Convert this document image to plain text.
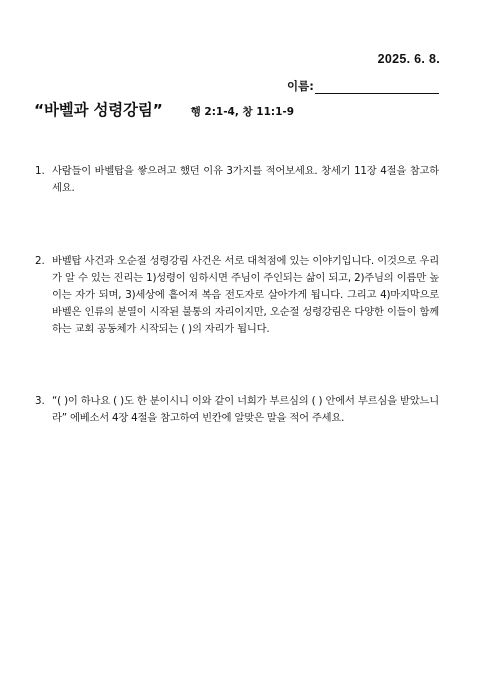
2025. 6. 8.
이름:
“바벨과 성령강림”	행 2:1-4, 창 11:1-9
1. 사람들이 바벨탑을 쌓으려고 했던 이유 3가지를 적어보세요. 창세기 11장 4절을 참고하세요.
2. 바벨탑 사건과 오순절 성령강림 사건은 서로 대척점에 있는 이야기입니다. 이것으로 우리가 알 수 있는 진리는 1)성령이 임하시면 주님이 주인되는 삶이 되고, 2)주님의 이름만 높이는 자가 되며, 3)세상에 흩어져 복음 전도자로 살아가게 됩니다. 그리고 4)마지막으로 바벨은 인류의 분열이 시작된 불통의 자리이지만, 오순절 성령강림은 다양한 이들이 함께하는 교회 공동체가 시작되는 ( )의 자리가 됩니다.
3. “( )이 하나요 ( )도 한 분이시니 이와 같이 너희가 부르심의 ( ) 안에서 부르심을 받았느니라” 에베소서 4장 4절을 참고하여 빈칸에 알맞은 말을 적어 주세요.
